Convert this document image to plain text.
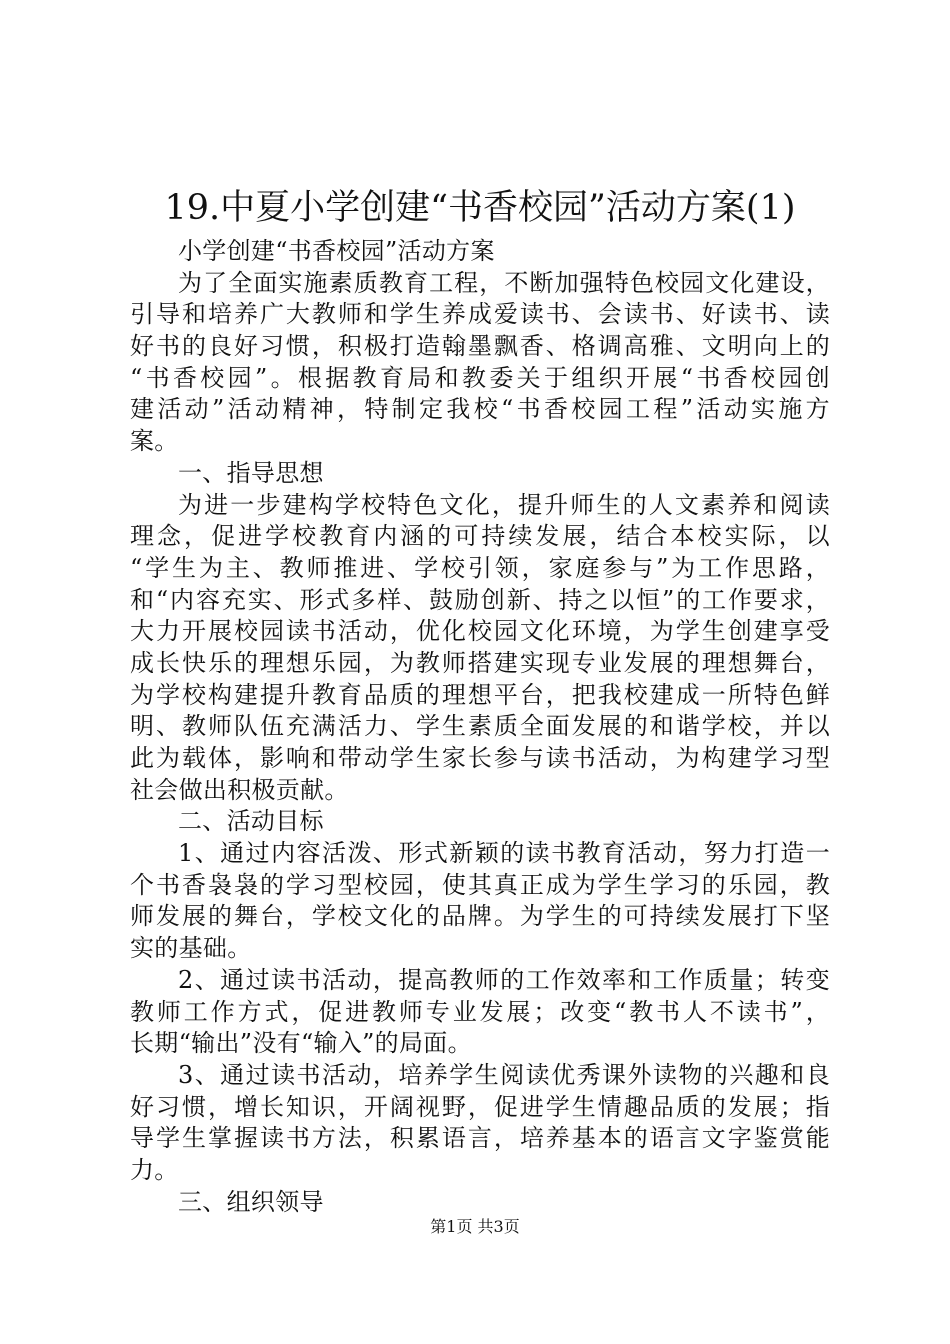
19.中夏小学创建“书香校园”活动方案(1)
小学创建“书香校园”活动方案
为了全面实施素质教育工程，不断加强特色校园文化建设，
引导和培养广大教师和学生养成爱读书、会读书、好读书、读
好书的良好习惯，积极打造翰墨飘香、格调高雅、文明向上的
“书香校园”。根据教育局和教委关于组织开展“书香校园创
建活动”活动精神，特制定我校“书香校园工程”活动实施方
案。
一、指导思想
为进一步建构学校特色文化，提升师生的人文素养和阅读
理念，促进学校教育内涵的可持续发展，结合本校实际，以
“学生为主、教师推进、学校引领，家庭参与”为工作思路，
和“内容充实、形式多样、鼓励创新、持之以恒”的工作要求，
大力开展校园读书活动，优化校园文化环境，为学生创建享受
成长快乐的理想乐园，为教师搭建实现专业发展的理想舞台，
为学校构建提升教育品质的理想平台，把我校建成一所特色鲜
明、教师队伍充满活力、学生素质全面发展的和谐学校，并以
此为载体，影响和带动学生家长参与读书活动，为构建学习型
社会做出积极贡献。
二、活动目标
1、通过内容活泼、形式新颖的读书教育活动，努力打造一
个书香袅袅的学习型校园，使其真正成为学生学习的乐园，教
师发展的舞台，学校文化的品牌。为学生的可持续发展打下坚
实的基础。
2、通过读书活动，提高教师的工作效率和工作质量；转变
教师工作方式，促进教师专业发展；改变“教书人不读书”，
长期“输出”没有“输入”的局面。
3、通过读书活动，培养学生阅读优秀课外读物的兴趣和良
好习惯，增长知识，开阔视野，促进学生情趣品质的发展；指
导学生掌握读书方法，积累语言，培养基本的语言文字鉴赏能
力。
三、组织领导
第1页 共3页
